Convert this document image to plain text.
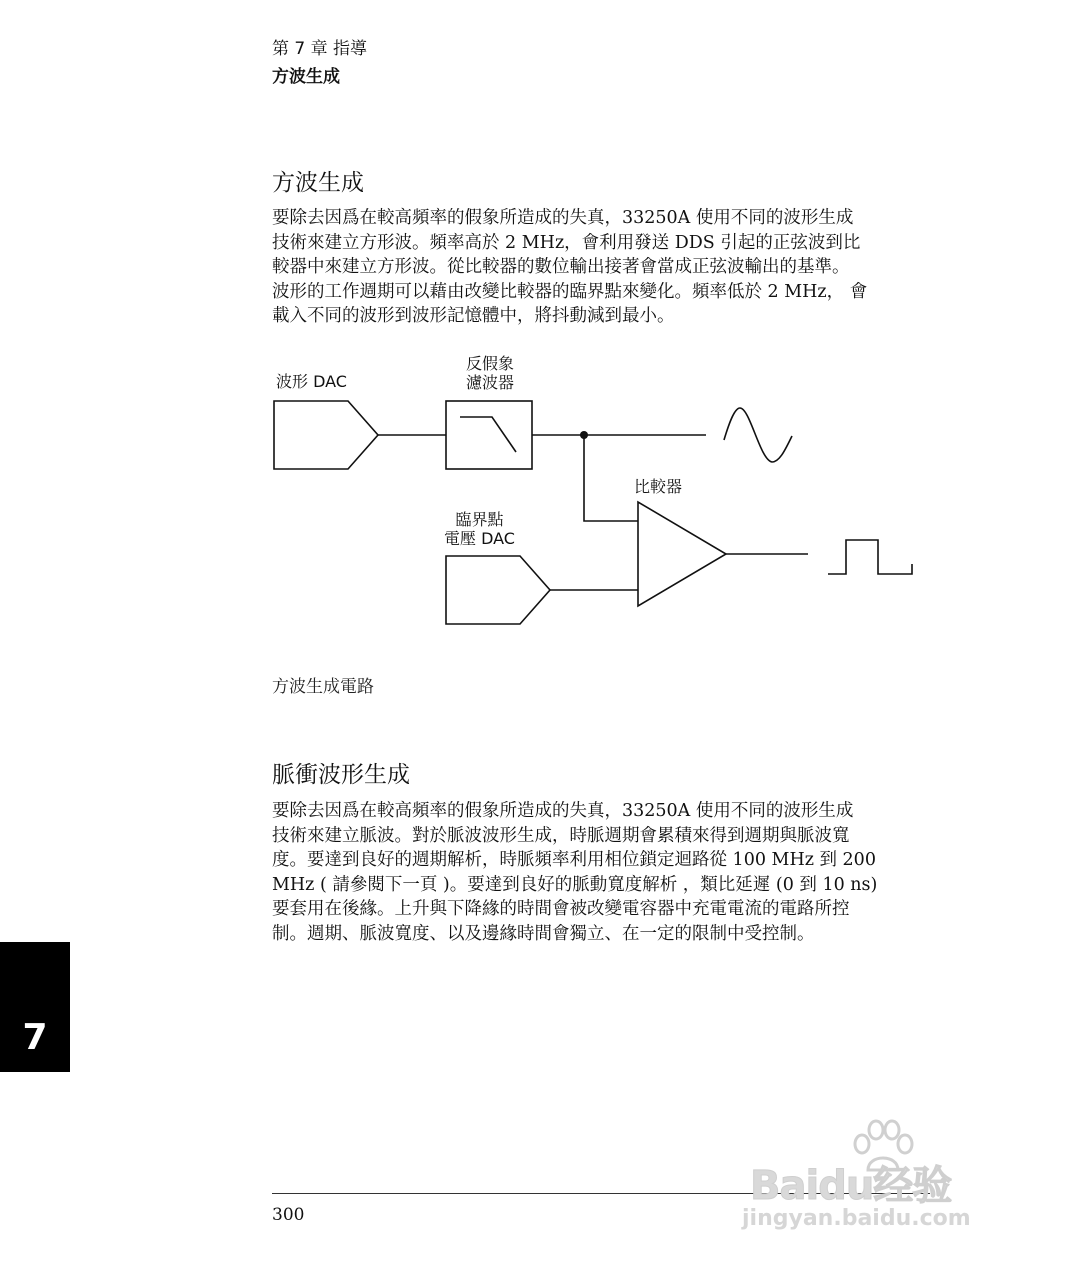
第 7 章 指導
方波生成
方波生成
要除去因爲在較高頻率的假象所造成的失真，33250A 使用不同的波形生成
技術來建立方形波。頻率高於 2 MHz，會利用發送 DDS 引起的正弦波到比
較器中來建立方形波。從比較器的數位輸出接著會當成正弦波輸出的基準。
波形的工作週期可以藉由改變比較器的臨界點來變化。頻率低於 2 MHz， 會
載入不同的波形到波形記憶體中，將抖動減到最小。
波形 DAC
反假象
濾波器
比較器
臨界點
電壓 DAC
方波生成電路
脈衝波形生成
要除去因爲在較高頻率的假象所造成的失真，33250A 使用不同的波形生成
技術來建立脈波。對於脈波波形生成，時脈週期會累積來得到週期與脈波寬
度。要達到良好的週期解析，時脈頻率利用相位鎖定迴路從 100 MHz 到 200
MHz ( 請參閱下一頁 )。要達到良好的脈動寬度解析 ，類比延遲 (0 到 10 ns)
要套用在後緣。上升與下降緣的時間會被改變電容器中充電電流的電路所控
制。週期、脈波寬度、以及邊緣時間會獨立、在一定的限制中受控制。
7
300
Baidu经验
jingyan.baidu.com
